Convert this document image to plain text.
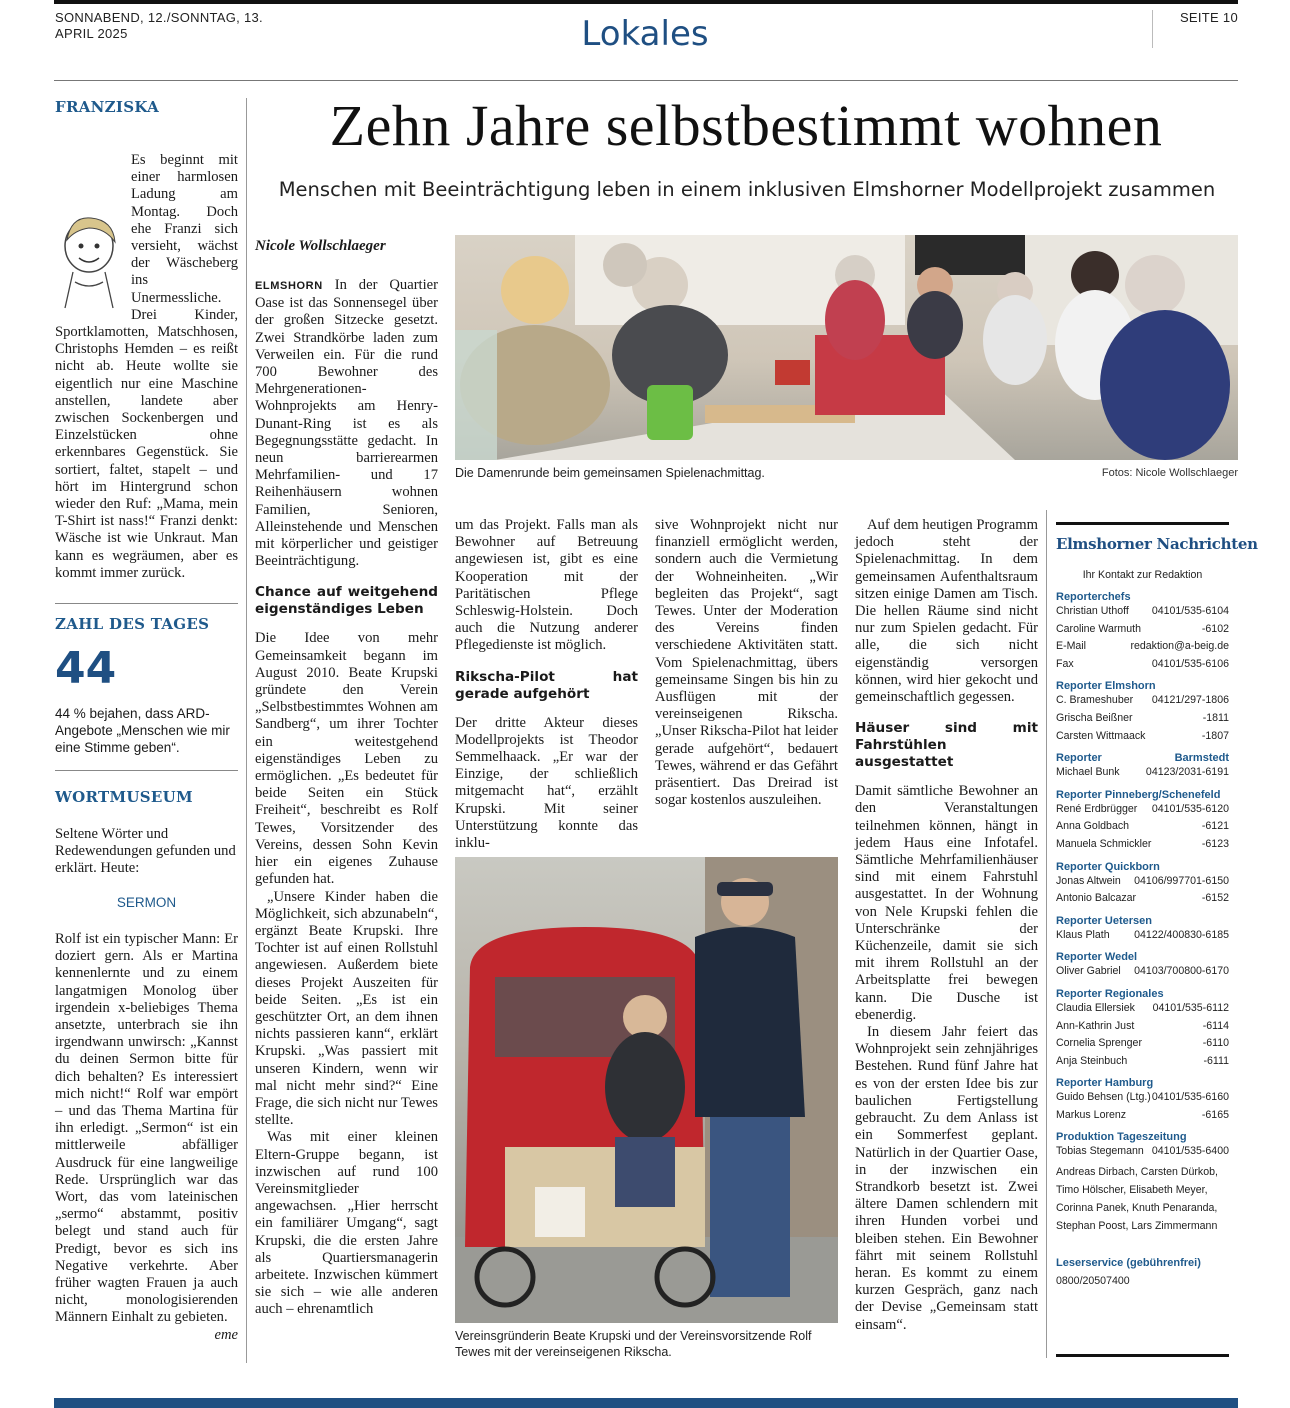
SONNABEND, 12./SONNTAG, 13. APRIL 2025	Lokales	SEITE 10
FRANZISKA
Es beginnt mit einer harmlosen Ladung am Montag. Doch ehe Franzi sich versieht, wächst der Wäscheberg ins Unermessliche. Drei Kinder, Sportklamotten, Matschhosen, Christophs Hemden – es reißt nicht ab. Heute wollte sie eigentlich nur eine Maschine anstellen, landete aber zwischen Sockenbergen und Einzelstücken ohne erkennbares Gegenstück. Sie sortiert, faltet, stapelt – und hört im Hintergrund schon wieder den Ruf: „Mama, mein T-Shirt ist nass!“ Franzi denkt: Wäsche ist wie Unkraut. Man kann es wegräumen, aber es kommt immer zurück.
ZAHL DES TAGES
44
44 % bejahen, dass ARD-Angebote „Menschen wie mir eine Stimme geben“.
WORTMUSEUM
Seltene Wörter und Redewendungen gefunden und erklärt. Heute:
SERMON
Rolf ist ein typischer Mann: Er doziert gern. Als er Martina kennenlernte und zu einem langatmigen Monolog über irgendein x-beliebiges Thema ansetzte, unterbrach sie ihn irgendwann unwirsch: „Kannst du deinen Sermon bitte für dich behalten? Es interessiert mich nicht!“ Rolf war empört – und das Thema Martina für ihn erledigt. „Sermon“ ist ein mittlerweile abfälliger Ausdruck für eine langweilige Rede. Ursprünglich war das Wort, das vom lateinischen „sermo“ abstammt, positiv belegt und stand auch für Predigt, bevor es sich ins Negative verkehrte. Aber früher wagten Frauen ja auch nicht, monologisierenden Männern Einhalt zu gebieten.
eme
Zehn Jahre selbstbestimmt wohnen
Menschen mit Beeinträchtigung leben in einem inklusiven Elmshorner Modellprojekt zusammen
Nicole Wollschlaeger
Die Damenrunde beim gemeinsamen Spielenachmittag.	Fotos: Nicole Wollschlaeger

ELMSHORN In der Quartier Oase ist das Sonnensegel über der großen Sitzecke gesetzt. Zwei Strandkörbe laden zum Verweilen ein. Für die rund 700 Bewohner des Mehrgenerationen-Wohnprojekts am Henry-Dunant-Ring ist es als Begegnungsstätte gedacht. In neun barrierearmen Mehrfamilien- und 17 Reihenhäusern wohnen Familien, Senioren, Alleinstehende und Menschen mit körperlicher und geistiger Beeinträchtigung.

Chance auf weitgehend eigenständiges Leben

Die Idee von mehr Gemeinsamkeit begann im August 2010. Beate Krupski gründete den Verein „Selbstbestimmtes Wohnen am Sandberg“, um ihrer Tochter ein weitestgehend eigenständiges Leben zu ermöglichen. „Es bedeutet für beide Seiten ein Stück Freiheit“, beschreibt es Rolf Tewes, Vorsitzender des Vereins, dessen Sohn Kevin hier ein eigenes Zuhause gefunden hat.

„Unsere Kinder haben die Möglichkeit, sich abzunabeln“, ergänzt Beate Krupski. Ihre Tochter ist auf einen Rollstuhl angewiesen. Außerdem biete dieses Projekt Auszeiten für beide Seiten. „Es ist ein geschützter Ort, an dem ihnen nichts passieren kann“, erklärt Krupski. „Was passiert mit unseren Kindern, wenn wir mal nicht mehr sind?“ Eine Frage, die sich nicht nur Tewes stellte.

Was mit einer kleinen Eltern-Gruppe begann, ist inzwischen auf rund 100 Vereinsmitglieder angewachsen. „Hier herrscht ein familiärer Umgang“, sagt Krupski, die die ersten Jahre als Quartiersmanagerin arbeitete. Inzwischen kümmert sie sich – wie alle anderen auch – ehrenamtlich

um das Projekt. Falls man als Bewohner auf Betreuung angewiesen ist, gibt es eine Kooperation mit der Paritätischen Pflege Schleswig-Holstein. Doch auch die Nutzung anderer Pflegedienste ist möglich.

Rikscha-Pilot hat gerade aufgehört

Der dritte Akteur dieses Modellprojekts ist Theodor Semmelhaack. „Er war der Einzige, der schließlich mitgemacht hat“, erzählt Krupski. Mit seiner Unterstützung konnte das inklu-

sive Wohnprojekt nicht nur finanziell ermöglicht werden, sondern auch die Vermietung der Wohneinheiten. „Wir begleiten das Projekt“, sagt Tewes. Unter der Moderation des Vereins finden verschiedene Aktivitäten statt. Vom Spielenachmittag, übers gemeinsame Singen bis hin zu Ausflügen mit der vereinseigenen Rikscha. „Unser Rikscha-Pilot hat leider gerade aufgehört“, bedauert Tewes, während er das Gefährt präsentiert. Das Dreirad ist sogar kostenlos auszuleihen.

Vereinsgründerin Beate Krupski und der Vereinsvorsitzende Rolf Tewes mit der vereinseigenen Rikscha.

Auf dem heutigen Programm jedoch steht der Spielenachmittag. In dem gemeinsamen Aufenthaltsraum sitzen einige Damen am Tisch. Die hellen Räume sind nicht nur zum Spielen gedacht. Für alle, die sich nicht eigenständig versorgen können, wird hier gekocht und gemeinschaftlich gegessen.

Häuser sind mit Fahrstühlen ausgestattet

Damit sämtliche Bewohner an den Veranstaltungen teilnehmen können, hängt in jedem Haus eine Infotafel. Sämtliche Mehrfamilienhäuser sind mit einem Fahrstuhl ausgestattet. In der Wohnung von Nele Krupski fehlen die Unterschränke der Küchenzeile, damit sie sich mit ihrem Rollstuhl an der Arbeitsplatte frei bewegen kann. Die Dusche ist ebenerdig.

In diesem Jahr feiert das Wohnprojekt sein zehnjähriges Bestehen. Rund fünf Jahre hat es von der ersten Idee bis zur baulichen Fertigstellung gebraucht. Zu dem Anlass ist ein Sommerfest geplant. Natürlich in der Quartier Oase, in der inzwischen ein Strandkorb besetzt ist. Zwei ältere Damen schlendern mit ihren Hunden vorbei und bleiben stehen. Ein Bewohner fährt mit seinem Rollstuhl heran. Es kommt zu einem kurzen Gespräch, ganz nach der Devise „Gemeinsam statt einsam“.

Elmshorner Nachrichten
Ihr Kontakt zur Redaktion
Reporterchefs
Christian Uthoff 04101/535-6104
Caroline Warmuth	-6102
E-Mail	redaktion@a-beig.de
Fax	04101/535-6106
Reporter Elmshorn
C. Brameshuber 04121/297-1806
Grischa Beißner	-1811
Carsten Wittmaack	-1807
Reporter	Barmstedt
Michael Bunk 04123/2031-6191
Reporter Pinneberg/Schenefeld
René Erdbrügger 04101/535-6120
Anna Goldbach	-6121
Manuela Schmickler	-6123
Reporter Quickborn
Jonas Altwein 04106/997701-6150
Antonio Balcazar	-6152
Reporter Uetersen
Klaus Plath 04122/400830-6185
Reporter Wedel
Oliver Gabriel 04103/700800-6170
Reporter Regionales
Claudia Ellersiek 04101/535-6112
Ann-Kathrin Just	-6114
Cornelia Sprenger	-6110
Anja Steinbuch	-6111
Reporter Hamburg
Guido Behsen (Ltg.) 04101/535-6160
Markus Lorenz	-6165
Produktion Tageszeitung
Tobias Stegemann 04101/535-6400
Andreas Dirbach, Carsten Dürkob, Timo Hölscher, Elisabeth Meyer, Corinna Panek, Knuth Penaranda, Stephan Poost, Lars Zimmermann
Leserservice (gebührenfrei)
0800/20507400
